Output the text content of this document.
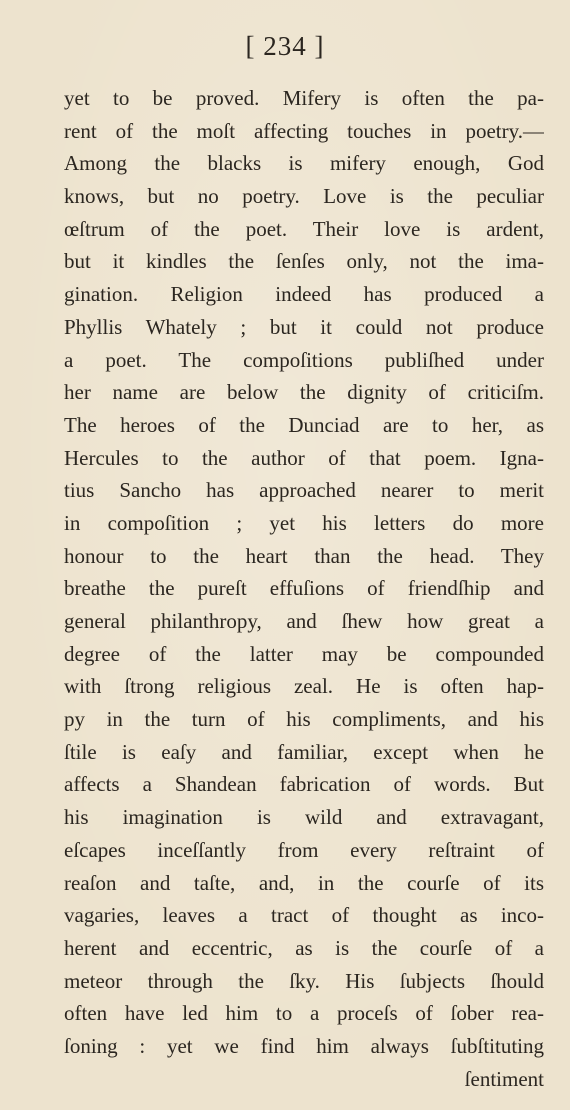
[ 234 ]
yet to be proved. Mifery is often the pa-
rent of the moſt affecting touches in poetry.—
Among the blacks is mifery enough, God
knows, but no poetry. Love is the peculiar
œſtrum of the poet. Their love is ardent,
but it kindles the ſenſes only, not the ima-
gination. Religion indeed has produced a
Phyllis Whately ; but it could not produce
a poet. The compoſitions publiſhed under
her name are below the dignity of criticiſm.
The heroes of the Dunciad are to her, as
Hercules to the author of that poem. Igna-
tius Sancho has approached nearer to merit
in compoſition ; yet his letters do more
honour to the heart than the head. They
breathe the pureſt effuſions of friendſhip and
general philanthropy, and ſhew how great a
degree of the latter may be compounded
with ſtrong religious zeal. He is often hap-
py in the turn of his compliments, and his
ſtile is eaſy and familiar, except when he
affects a Shandean fabrication of words. But
his imagination is wild and extravagant,
eſcapes inceſſantly from every reſtraint of
reaſon and taſte, and, in the courſe of its
vagaries, leaves a tract of thought as inco-
herent and eccentric, as is the courſe of a
meteor through the ſky. His ſubjects ſhould
often have led him to a proceſs of ſober rea-
ſoning : yet we find him always ſubſtituting
ſentiment
